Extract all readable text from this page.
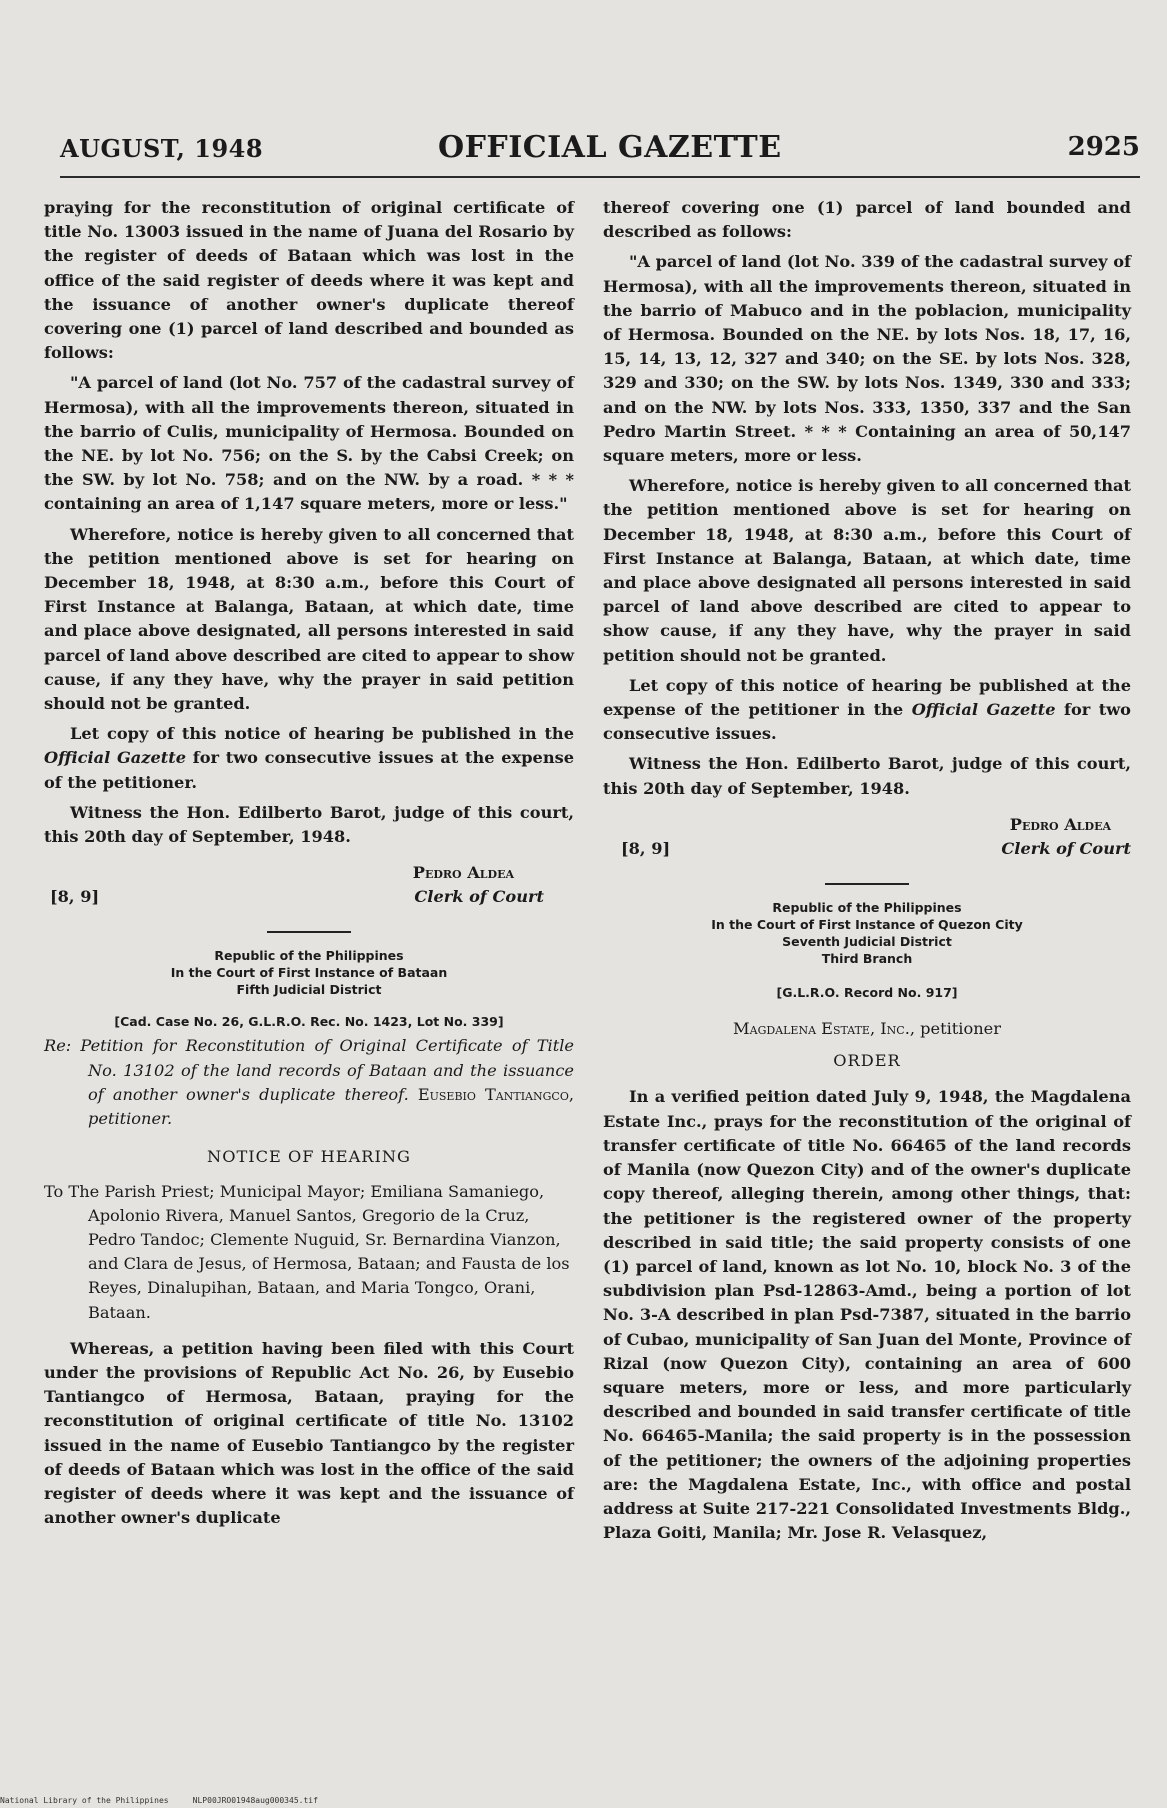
AUGUST, 1948	OFFICIAL GAZETTE	2925

praying for the reconstitution of original certificate of title No. 13003 issued in the name of Juana del Rosario by the register of deeds of Bataan which was lost in the office of the said register of deeds where it was kept and the issuance of another owner's duplicate thereof covering one (1) parcel of land described and bounded as follows:

"A parcel of land (lot No. 757 of the cadastral survey of Hermosa), with all the improvements thereon, situated in the barrio of Culis, municipality of Hermosa. Bounded on the NE. by lot No. 756; on the S. by the Cabsi Creek; on the SW. by lot No. 758; and on the NW. by a road. * * * containing an area of 1,147 square meters, more or less."

Wherefore, notice is hereby given to all concerned that the petition mentioned above is set for hearing on December 18, 1948, at 8:30 a.m., before this Court of First Instance at Balanga, Bataan, at which date, time and place above designated, all persons interested in said parcel of land above described are cited to appear to show cause, if any they have, why the prayer in said petition should not be granted.

Let copy of this notice of hearing be published in the Official Gazette for two consecutive issues at the expense of the petitioner.

Witness the Hon. Edilberto Barot, judge of this court, this 20th day of September, 1948.

Pedro Aldea
[8, 9]	Clerk of Court
Republic of the Philippines
In the Court of First Instance of Bataan
Fifth Judicial District
[Cad. Case No. 26, G.L.R.O. Rec. No. 1423, Lot No. 339]

Re: Petition for Reconstitution of Original Certificate of Title No. 13102 of the land records of Bataan and the issuance of another owner's duplicate thereof. Eusebio Tantiangco, petitioner.

NOTICE OF HEARING

To The Parish Priest; Municipal Mayor; Emiliana Samaniego, Apolonio Rivera, Manuel Santos, Gregorio de la Cruz, Pedro Tandoc; Clemente Nuguid, Sr. Bernardina Vianzon, and Clara de Jesus, of Hermosa, Bataan; and Fausta de los Reyes, Dinalupihan, Bataan, and Maria Tongco, Orani, Bataan.

Whereas, a petition having been filed with this Court under the provisions of Republic Act No. 26, by Eusebio Tantiangco of Hermosa, Bataan, praying for the reconstitution of original certificate of title No. 13102 issued in the name of Eusebio Tantiangco by the register of deeds of Bataan which was lost in the office of the said register of deeds where it was kept and the issuance of another owner's duplicate

thereof covering one (1) parcel of land bounded and described as follows:

"A parcel of land (lot No. 339 of the cadastral survey of Hermosa), with all the improvements thereon, situated in the barrio of Mabuco and in the poblacion, municipality of Hermosa. Bounded on the NE. by lots Nos. 18, 17, 16, 15, 14, 13, 12, 327 and 340; on the SE. by lots Nos. 328, 329 and 330; on the SW. by lots Nos. 1349, 330 and 333; and on the NW. by lots Nos. 333, 1350, 337 and the San Pedro Martin Street. * * * Containing an area of 50,147 square meters, more or less.

Wherefore, notice is hereby given to all concerned that the petition mentioned above is set for hearing on December 18, 1948, at 8:30 a.m., before this Court of First Instance at Balanga, Bataan, at which date, time and place above designated all persons interested in said parcel of land above described are cited to appear to show cause, if any they have, why the prayer in said petition should not be granted.

Let copy of this notice of hearing be published at the expense of the petitioner in the Official Gazette for two consecutive issues.

Witness the Hon. Edilberto Barot, judge of this court, this 20th day of September, 1948.

Pedro Aldea
[8, 9]	Clerk of Court
Republic of the Philippines
In the Court of First Instance of Quezon City
Seventh Judicial District
Third Branch
[G.L.R.O. Record No. 917]

Magdalena Estate, Inc., petitioner

ORDER

In a verified peition dated July 9, 1948, the Magdalena Estate Inc., prays for the reconstitution of the original of transfer certificate of title No. 66465 of the land records of Manila (now Quezon City) and of the owner's duplicate copy thereof, alleging therein, among other things, that: the petitioner is the registered owner of the property described in said title; the said property consists of one (1) parcel of land, known as lot No. 10, block No. 3 of the subdivision plan Psd-12863-Amd., being a portion of lot No. 3-A described in plan Psd-7387, situated in the barrio of Cubao, municipality of San Juan del Monte, Province of Rizal (now Quezon City), containing an area of 600 square meters, more or less, and more particularly described and bounded in said transfer certificate of title No. 66465-Manila; the said property is in the possession of the petitioner; the owners of the adjoining properties are: the Magdalena Estate, Inc., with office and postal address at Suite 217-221 Consolidated Investments Bldg., Plaza Goiti, Manila; Mr. Jose R. Velasquez,

National Library of the Philippines	NLP00JRO01948aug000345.tif
